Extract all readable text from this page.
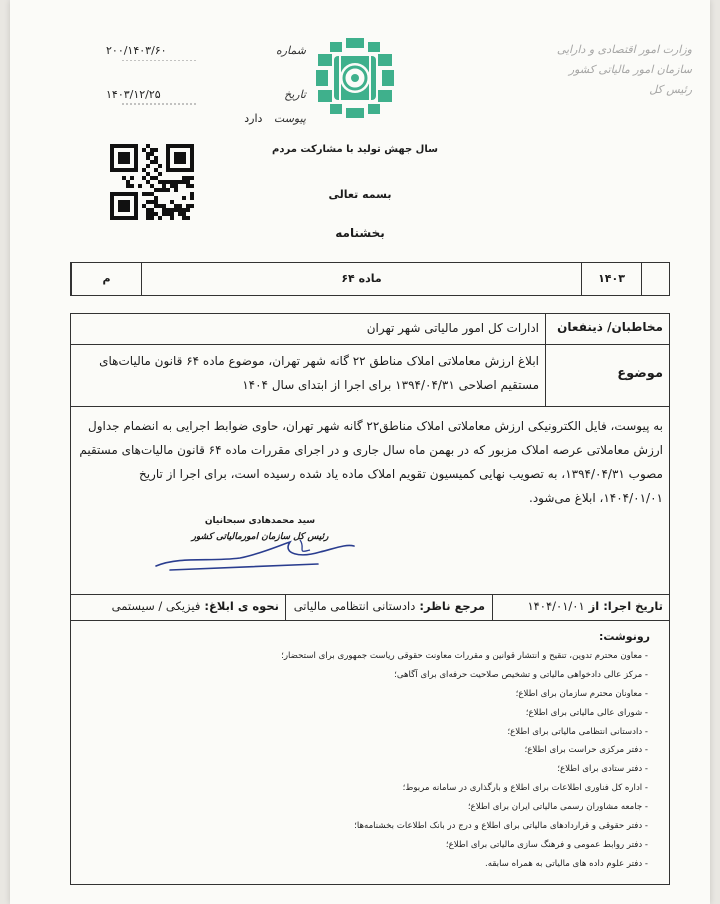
شماره
۲۰۰/۱۴۰۳/۶۰
تاریخ
۱۴۰۳/۱۲/۲۵
پیوست دارد
وزارت امور اقتصادی و دارایی
سازمان امور مالیاتی کشور
رئیس کل
سال جهش تولید با مشارکت مردم
بسمه تعالی
بخشنامه
م	ماده ۶۴	۱۴۰۳
مخاطبان/ ذینفعان
ادارات کل امور مالیاتی شهر تهران
موضوع
ابلاغ ارزش معاملاتی املاک مناطق ۲۲ گانه شهر تهران، موضوع ماده ۶۴ قانون مالیات‌های
مستقیم اصلاحی ۱۳۹۴/۰۴/۳۱ برای اجرا از ابتدای سال ۱۴۰۴
به پیوست، فایل الکترونیکی ارزش معاملاتی املاک مناطق۲۲ گانه شهر تهران، حاوی ضوابط اجرایی به انضمام جداول
ارزش معاملاتی عرصه املاک مزبور که در بهمن ماه سال جاری و در اجرای مقررات ماده ۶۴ قانون مالیات‌های مستقیم
مصوب ۱۳۹۴/۰۴/۳۱، به تصویب نهایی کمیسیون تقویم املاک ماده یاد شده رسیده است، برای اجرا از تاریخ
۱۴۰۴/۰۱/۰۱، ابلاغ می‌شود.
تاریخ اجرا: از ۱۴۰۴/۰۱/۰۱
مرجع ناظر: دادستانی انتظامی مالیاتی
نحوه ی ابلاغ: فیزیکی / سیستمی
سید محمدهادی سبحانیان
رئیس کل سازمان امورمالیاتی کشور
رونوشت:
- معاون محترم تدوین، تنقیح و انتشار قوانین و مقررات معاونت حقوقی ریاست جمهوری برای استحضار؛
- مرکز عالی دادخواهی مالیاتی و تشخیص صلاحیت حرفه‌ای برای آگاهی؛
- معاونان محترم سازمان برای اطلاع؛
- شورای عالی مالیاتی برای اطلاع؛
- دادستانی انتظامی مالیاتی برای اطلاع؛
- دفتر مرکزی حراست برای اطلاع؛
- دفتر ستادی برای اطلاع؛
- اداره کل فناوری اطلاعات برای اطلاع و بارگذاری در سامانه مربوط؛
- جامعه مشاوران رسمی مالیاتی ایران برای اطلاع؛
- دفتر حقوقی و قراردادهای مالیاتی برای اطلاع و درج در بانک اطلاعات بخشنامه‌ها؛
- دفتر روابط عمومی و فرهنگ سازی مالیاتی برای اطلاع؛
- دفتر علوم داده های مالیاتی به همراه سابقه.
